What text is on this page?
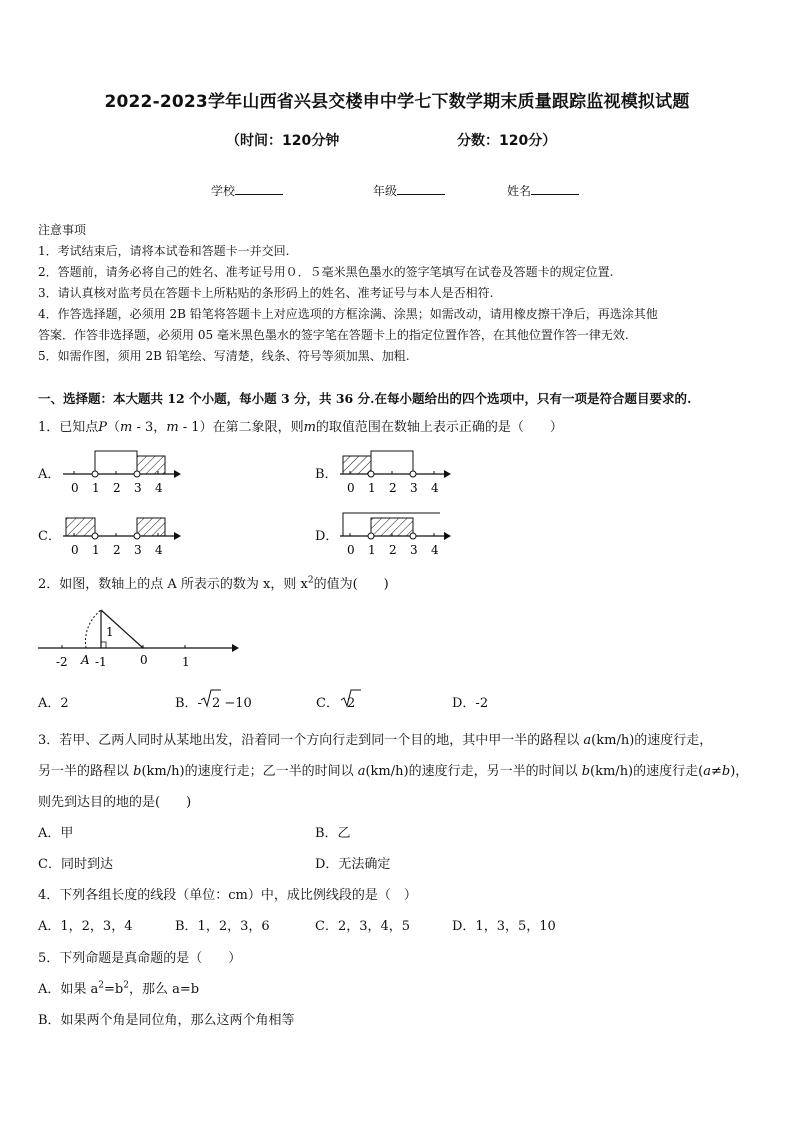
2022-2023学年山西省兴县交楼申中学七下数学期末质量跟踪监视模拟试题
（时间：120分钟	分数：120分）
学校	年级	姓名
注意事项
1．考试结束后，请将本试卷和答题卡一并交回.
2．答题前，请务必将自己的姓名、准考证号用０．５毫米黑色墨水的签字笔填写在试卷及答题卡的规定位置.
3．请认真核对监考员在答题卡上所粘贴的条形码上的姓名、准考证号与本人是否相符.
4．作答选择题，必须用 2B 铅笔将答题卡上对应选项的方框涂满、涂黑；如需改动，请用橡皮擦干净后，再选涂其他
答案．作答非选择题，必须用 05 毫米黑色墨水的签字笔在答题卡上的指定位置作答，在其他位置作答一律无效.
5．如需作图，须用 2B 铅笔绘、写清楚，线条、符号等须加黑、加粗.
一、选择题：本大题共 12 个小题，每小题 3 分，共 36 分.在每小题给出的四个选项中，只有一项是符合题目要求的.
1．已知点P（m - 3，m - 1）在第二象限，则m的取值范围在数轴上表示正确的是（　　）
A．	B．
C．	D．
0 1 2 3 4	0 1 2 3 4
0 1 2 3 4	0 1 2 3 4
-2 A -1	0	1
1
2．如图，数轴上的点 A 所表示的数为 x，则 $x^2$的值为(　　)
A．2	B．- 2 −10	C． 2	D．-2
3．若甲、乙两人同时从某地出发，沿着同一个方向行走到同一个目的地，其中甲一半的路程以 a(km/h)的速度行走，
另一半的路程以 b(km/h)的速度行走；乙一半的时间以 a(km/h)的速度行走，另一半的时间以 b(km/h)的速度行走(a≠b)，
则先到达目的地的是(　　)
A．甲	B．乙
C．同时到达	D．无法确定
4．下列各组长度的线段（单位：cm）中，成比例线段的是（　）
A．1，2，3，4	B．1，2，3，6	C．2，3，4，5	D．1，3，5，10
5．下列命题是真命题的是（　　）
A．如果 $a^2=b^2$，那么 a=b
B．如果两个角是同位角，那么这两个角相等
